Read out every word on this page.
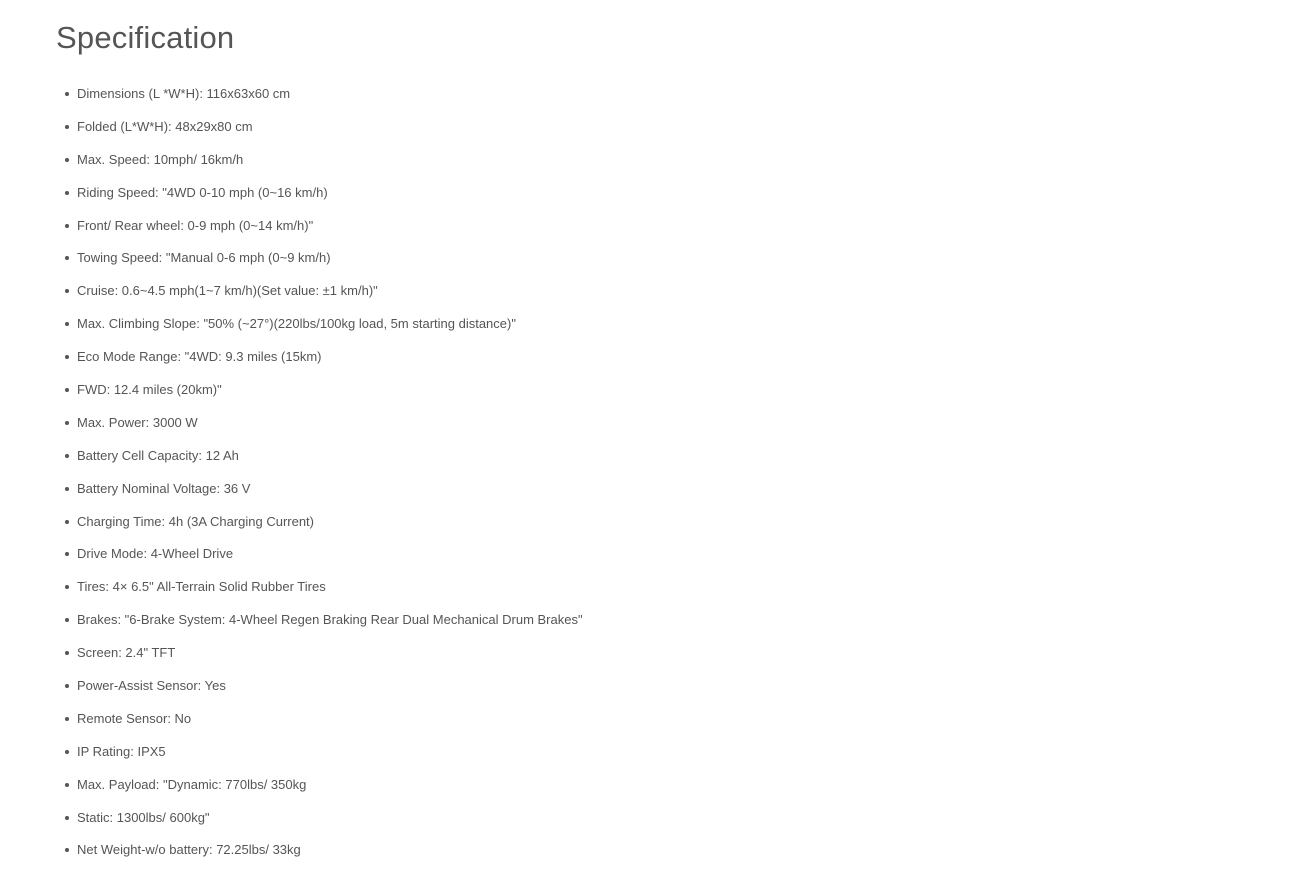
Specification
Dimensions (L *W*H): 116x63x60 cm
Folded (L*W*H): 48x29x80 cm
Max. Speed: 10mph/ 16km/h
Riding Speed: "4WD 0-10 mph (0~16 km/h)
Front/ Rear wheel: 0-9 mph (0~14 km/h)"
Towing Speed: "Manual 0-6 mph (0~9 km/h)
Cruise: 0.6~4.5 mph(1~7 km/h)(Set value: ±1 km/h)"
Max. Climbing Slope: "50% (~27°)(220lbs/100kg load, 5m starting distance)"
Eco Mode Range: "4WD: 9.3 miles (15km)
FWD: 12.4 miles (20km)"
Max. Power: 3000 W
Battery Cell Capacity: 12 Ah
Battery Nominal Voltage: 36 V
Charging Time: 4h (3A Charging Current)
Drive Mode: 4-Wheel Drive
Tires: 4× 6.5" All-Terrain Solid Rubber Tires
Brakes: "6-Brake System: 4-Wheel Regen Braking Rear Dual Mechanical Drum Brakes"
Screen: 2.4" TFT
Power-Assist Sensor: Yes
Remote Sensor: No
IP Rating: IPX5
Max. Payload: "Dynamic: 770lbs/ 350kg
Static: 1300lbs/ 600kg"
Net Weight-w/o battery: 72.25lbs/ 33kg
